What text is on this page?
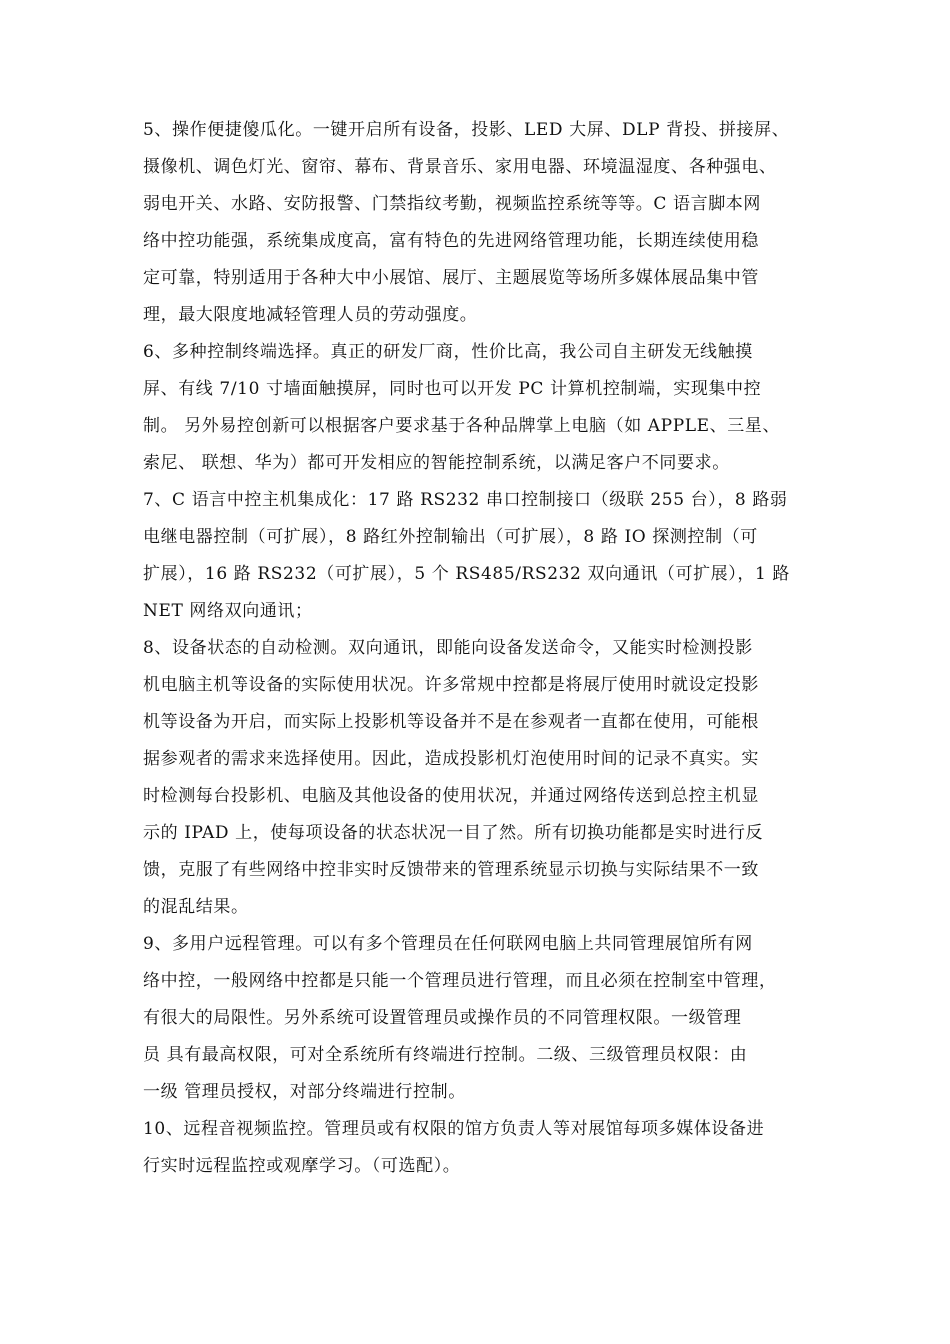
5、操作便捷傻瓜化。一键开启所有设备，投影、LED 大屏、DLP 背投、拼接屏、
摄像机、调色灯光、窗帘、幕布、背景音乐、家用电器、环境温湿度、各种强电、
弱电开关、水路、安防报警、门禁指纹考勤，视频监控系统等等。C 语言脚本网
络中控功能强，系统集成度高，富有特色的先进网络管理功能，长期连续使用稳
定可靠，特别适用于各种大中小展馆、展厅、主题展览等场所多媒体展品集中管
理，最大限度地减轻管理人员的劳动强度。
6、多种控制终端选择。真正的研发厂商，性价比高，我公司自主研发无线触摸
屏、有线 7/10 寸墙面触摸屏，同时也可以开发 PC 计算机控制端，实现集中控
制。 另外易控创新可以根据客户要求基于各种品牌掌上电脑（如 APPLE、三星、
索尼、 联想、华为）都可开发相应的智能控制系统，以满足客户不同要求。
7、C 语言中控主机集成化：17 路 RS232 串口控制接口（级联 255 台），8 路弱
电继电器控制（可扩展），8 路红外控制输出（可扩展），8 路 IO 探测控制（可
扩展），16 路 RS232（可扩展），5 个 RS485/RS232 双向通讯（可扩展），1 路
NET 网络双向通讯；
8、设备状态的自动检测。双向通讯，即能向设备发送命令，又能实时检测投影
机电脑主机等设备的实际使用状况。许多常规中控都是将展厅使用时就设定投影
机等设备为开启，而实际上投影机等设备并不是在参观者一直都在使用，可能根
据参观者的需求来选择使用。因此，造成投影机灯泡使用时间的记录不真实。实
时检测每台投影机、电脑及其他设备的使用状况，并通过网络传送到总控主机显
示的 IPAD 上，使每项设备的状态状况一目了然。所有切换功能都是实时进行反
馈，克服了有些网络中控非实时反馈带来的管理系统显示切换与实际结果不一致
的混乱结果。
9、多用户远程管理。可以有多个管理员在任何联网电脑上共同管理展馆所有网
络中控，一般网络中控都是只能一个管理员进行管理，而且必须在控制室中管理，
有很大的局限性。另外系统可设置管理员或操作员的不同管理权限。一级管理
员 具有最高权限，可对全系统所有终端进行控制。二级、三级管理员权限：由
一级 管理员授权，对部分终端进行控制。
10、远程音视频监控。管理员或有权限的馆方负责人等对展馆每项多媒体设备进
行实时远程监控或观摩学习。（可选配）。
